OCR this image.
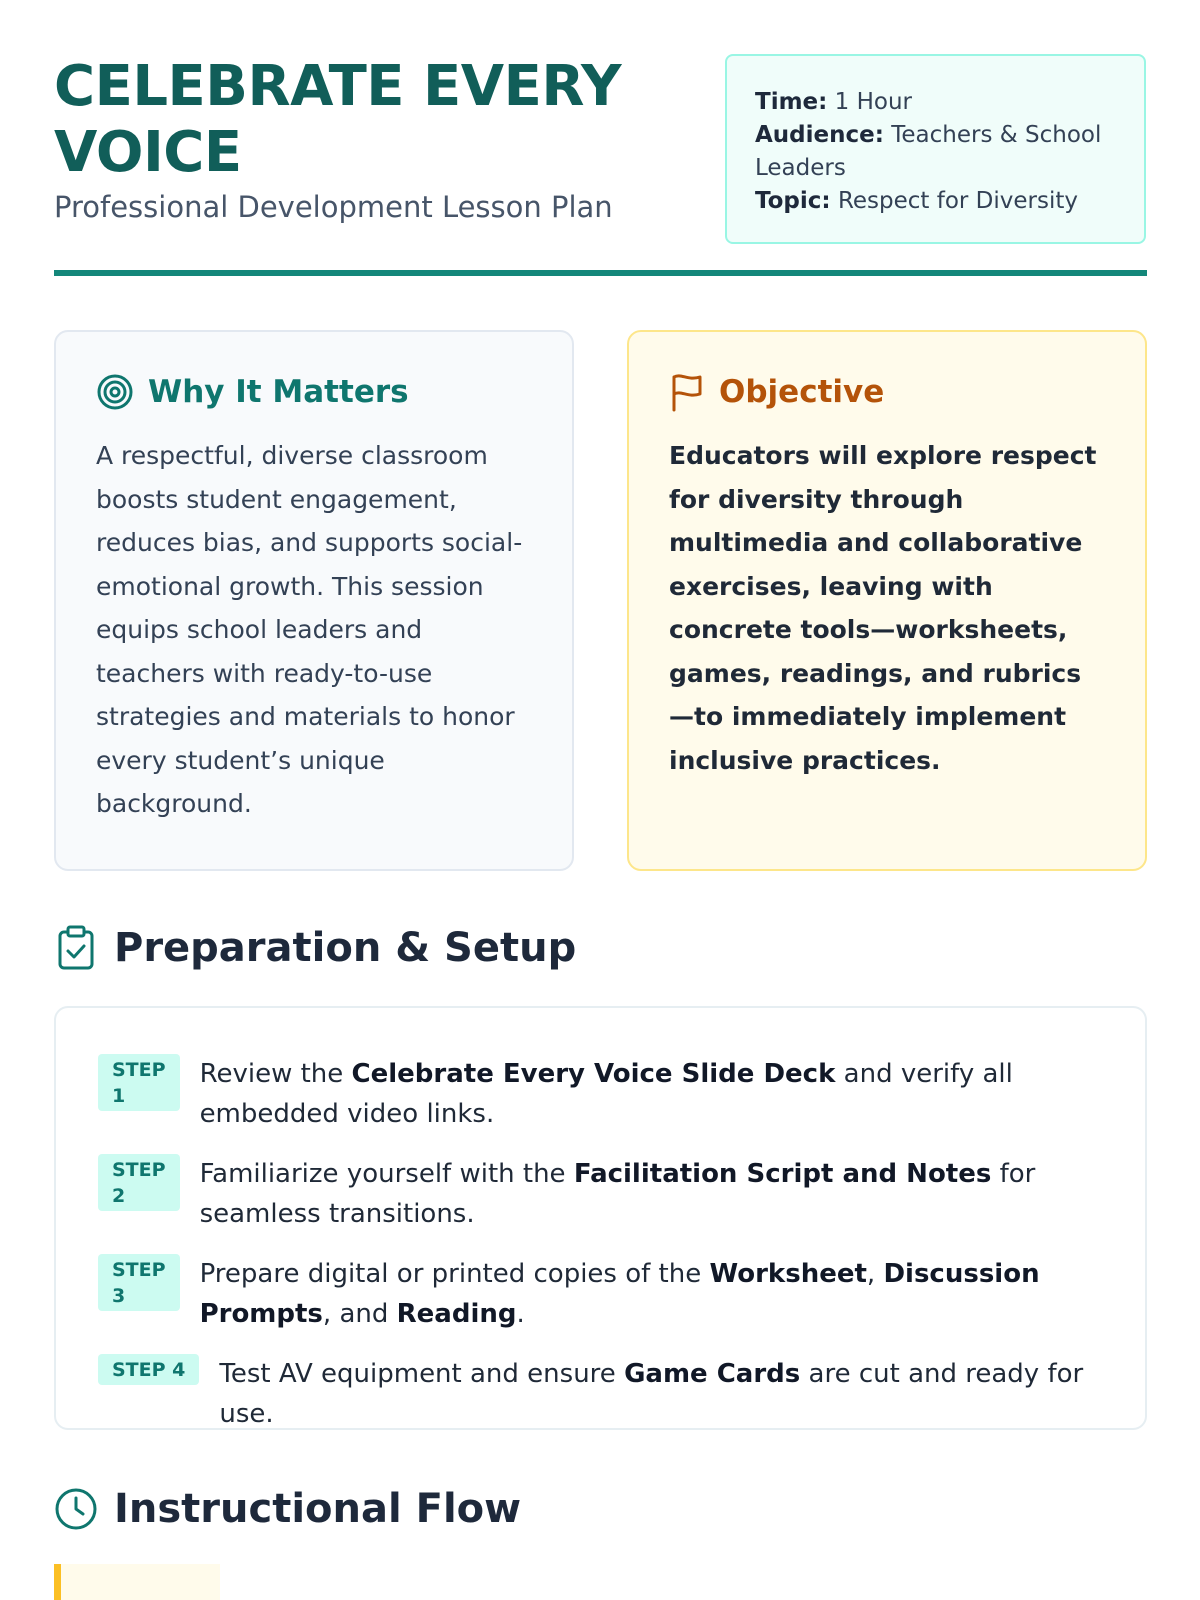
CELEBRATE EVERY VOICE
Professional Development Lesson Plan
Time: 1 Hour
Audience: Teachers & School Leaders
Topic: Respect for Diversity
Why It Matters

A respectful, diverse classroom boosts student engagement, reduces bias, and supports social-emotional growth. This session equips school leaders and teachers with ready-to-use strategies and materials to honor every student’s unique background.

Objective

Educators will explore respect for diversity through multimedia and collaborative exercises, leaving with concrete tools—worksheets, games, readings, and rubrics—to immediately implement inclusive practices.

Preparation & Setup
STEP
1
Review the Celebrate Every Voice Slide Deck and verify all embedded video links.
STEP
2
Familiarize yourself with the Facilitation Script and Notes for seamless transitions.
STEP
3
Prepare digital or printed copies of the Worksheet, Discussion Prompts, and Reading.
STEP 4	Test AV equipment and ensure Game Cards are cut and ready for use.
Instructional Flow
